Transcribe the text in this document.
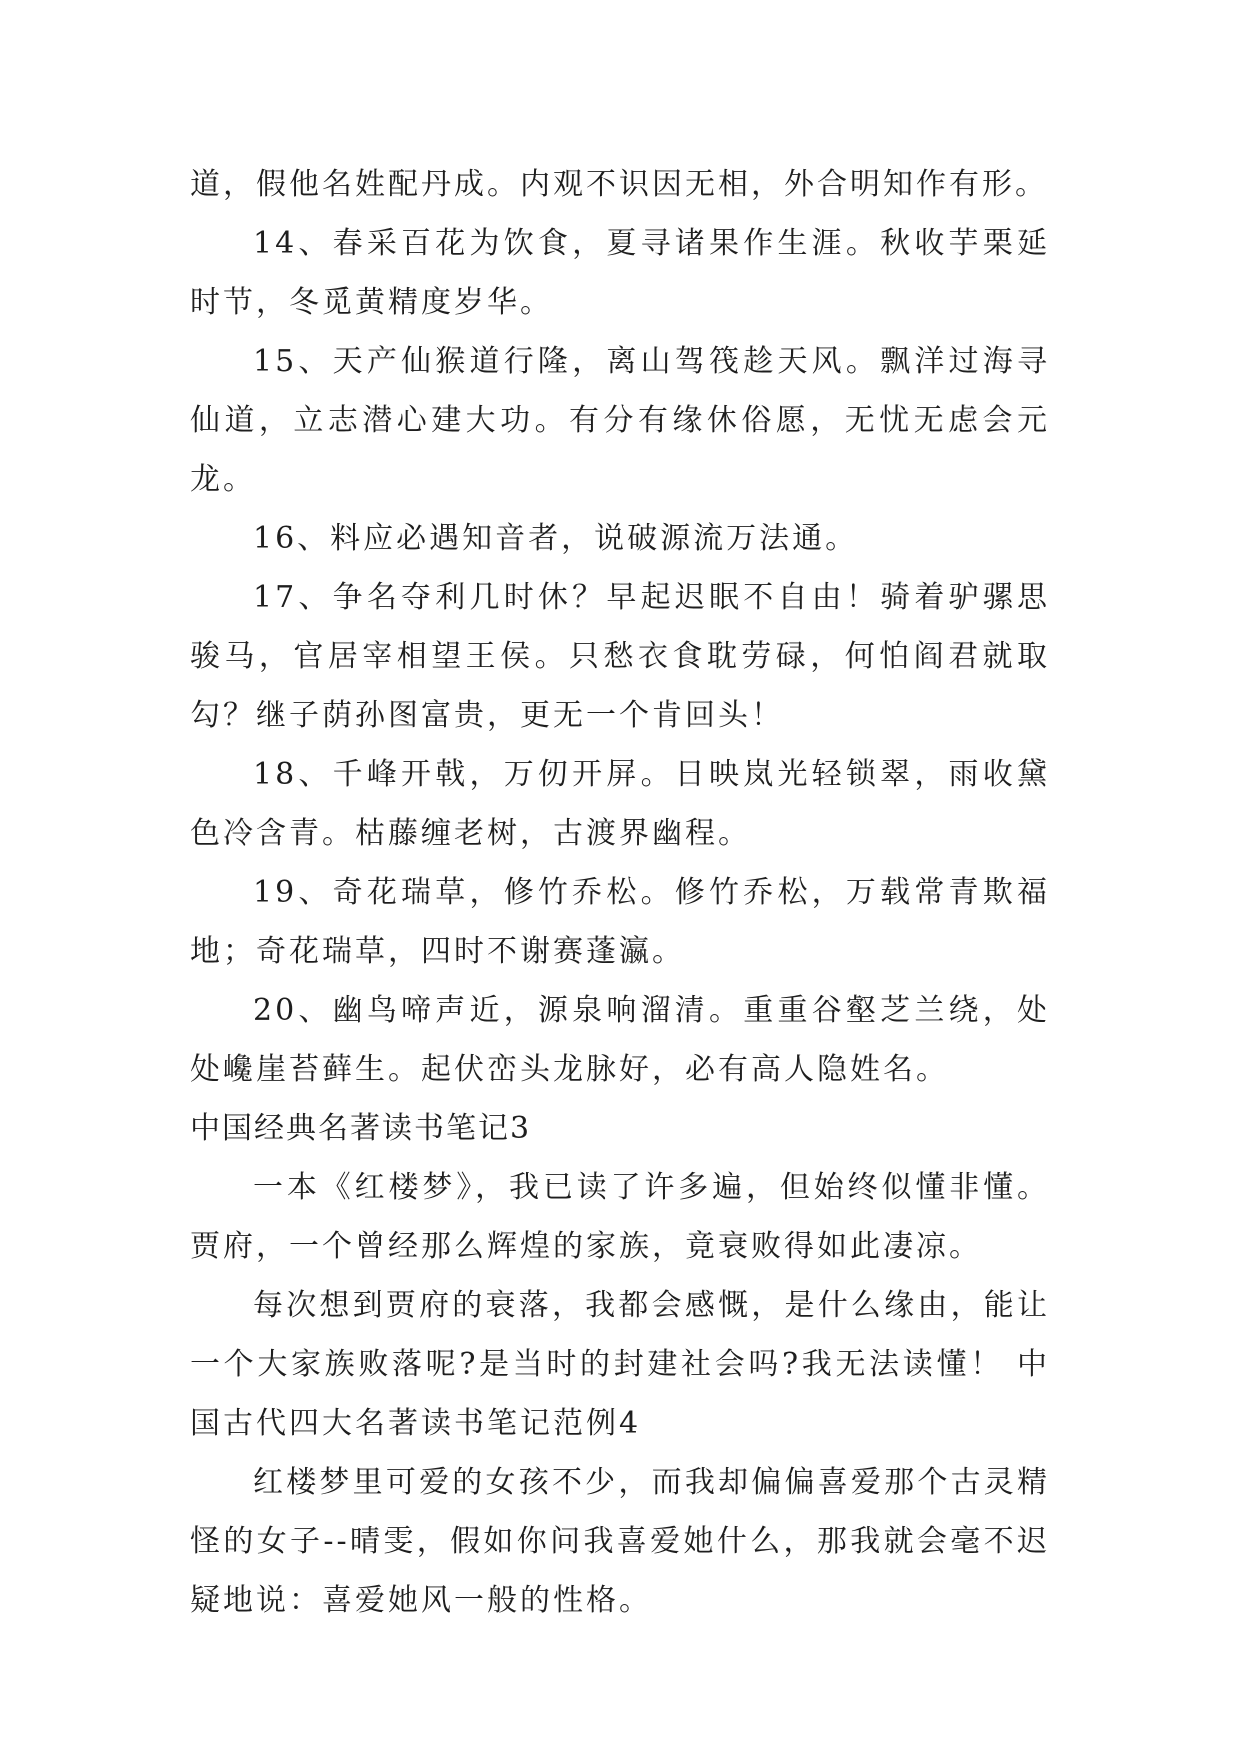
道，假他名姓配丹成。内观不识因无相，外合明知作有形。

14、春采百花为饮食，夏寻诸果作生涯。秋收芋栗延时节，冬觅黄精度岁华。

15、天产仙猴道行隆，离山驾筏趁天风。飘洋过海寻仙道，立志潜心建大功。有分有缘休俗愿，无忧无虑会元龙。

16、料应必遇知音者，说破源流万法通。

17、争名夺利几时休？早起迟眠不自由！骑着驴骡思骏马，官居宰相望王侯。只愁衣食耽劳碌，何怕阎君就取勾？继子荫孙图富贵，更无一个肯回头！

18、千峰开戟，万仞开屏。日映岚光轻锁翠，雨收黛色冷含青。枯藤缠老树，古渡界幽程。

19、奇花瑞草，修竹乔松。修竹乔松，万载常青欺福地；奇花瑞草，四时不谢赛蓬瀛。

20、幽鸟啼声近，源泉响溜清。重重谷壑芝兰绕，处处巉崖苔藓生。起伏峦头龙脉好，必有高人隐姓名。

中国经典名著读书笔记3

一本《红楼梦》，我已读了许多遍，但始终似懂非懂。贾府，一个曾经那么辉煌的家族，竟衰败得如此凄凉。

每次想到贾府的衰落，我都会感慨，是什么缘由，能让一个大家族败落呢?是当时的封建社会吗?我无法读懂！ 中国古代四大名著读书笔记范例4

红楼梦里可爱的女孩不少，而我却偏偏喜爱那个古灵精怪的女子--晴雯，假如你问我喜爱她什么，那我就会毫不迟疑地说：喜爱她风一般的性格。
